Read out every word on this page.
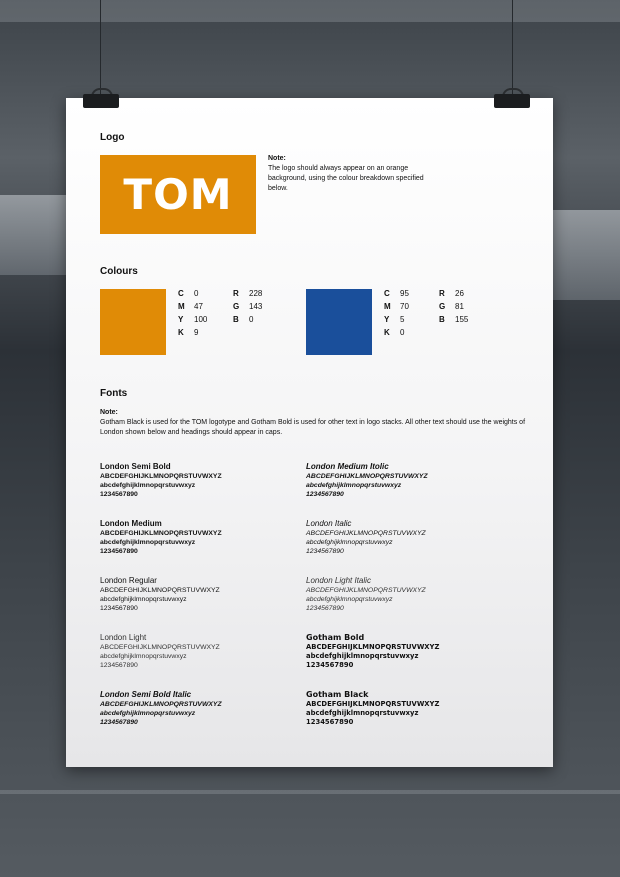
Logo
TOM
Note:
The logo should always appear on an orange background, using the colour breakdown specified below.
Colours
C	0
M	47
Y	100
K	9
R	228
G	143
B	0
C	95
M	70
Y	5
K	0
R	26
G	81
B	155
Fonts
Note:
Gotham Black is used for the TOM logotype and Gotham Bold is used for other text in logo stacks. All other text should use the weights of London shown below and headings should appear in caps.
London Semi Bold
ABCDEFGHIJKLMNOPQRSTUVWXYZ
abcdefghijklmnopqrstuvwxyz
1234567890
London Medium
ABCDEFGHIJKLMNOPQRSTUVWXYZ
abcdefghijklmnopqrstuvwxyz
1234567890
London Regular
ABCDEFGHIJKLMNOPQRSTUVWXYZ
abcdefghijklmnopqrstuvwxyz
1234567890
London Light
ABCDEFGHIJKLMNOPQRSTUVWXYZ
abcdefghijklmnopqrstuvwxyz
1234567890
London Semi Bold Italic
ABCDEFGHIJKLMNOPQRSTUVWXYZ
abcdefghijklmnopqrstuvwxyz
1234567890
London Medium Itolic
ABCDEFGHIJKLMNOPQRSTUVWXYZ
abcdefghijklmnopqrstuvwxyz
1234567890
London Italic
ABCDEFGHIJKLMNOPQRSTUVWXYZ
abcdefghijklmnopqrstuvwxyz
1234567890
London Light Italic
ABCDEFGHIJKLMNOPQRSTUVWXYZ
abcdefghijklmnopqrstuvwxyz
1234567890
Gotham Bold
ABCDEFGHIJKLMNOPQRSTUVWXYZ
abcdefghijklmnopqrstuvwxyz
1234567890
Gotham Black
ABCDEFGHIJKLMNOPQRSTUVWXYZ
abcdefghijklmnopqrstuvwxyz
1234567890
